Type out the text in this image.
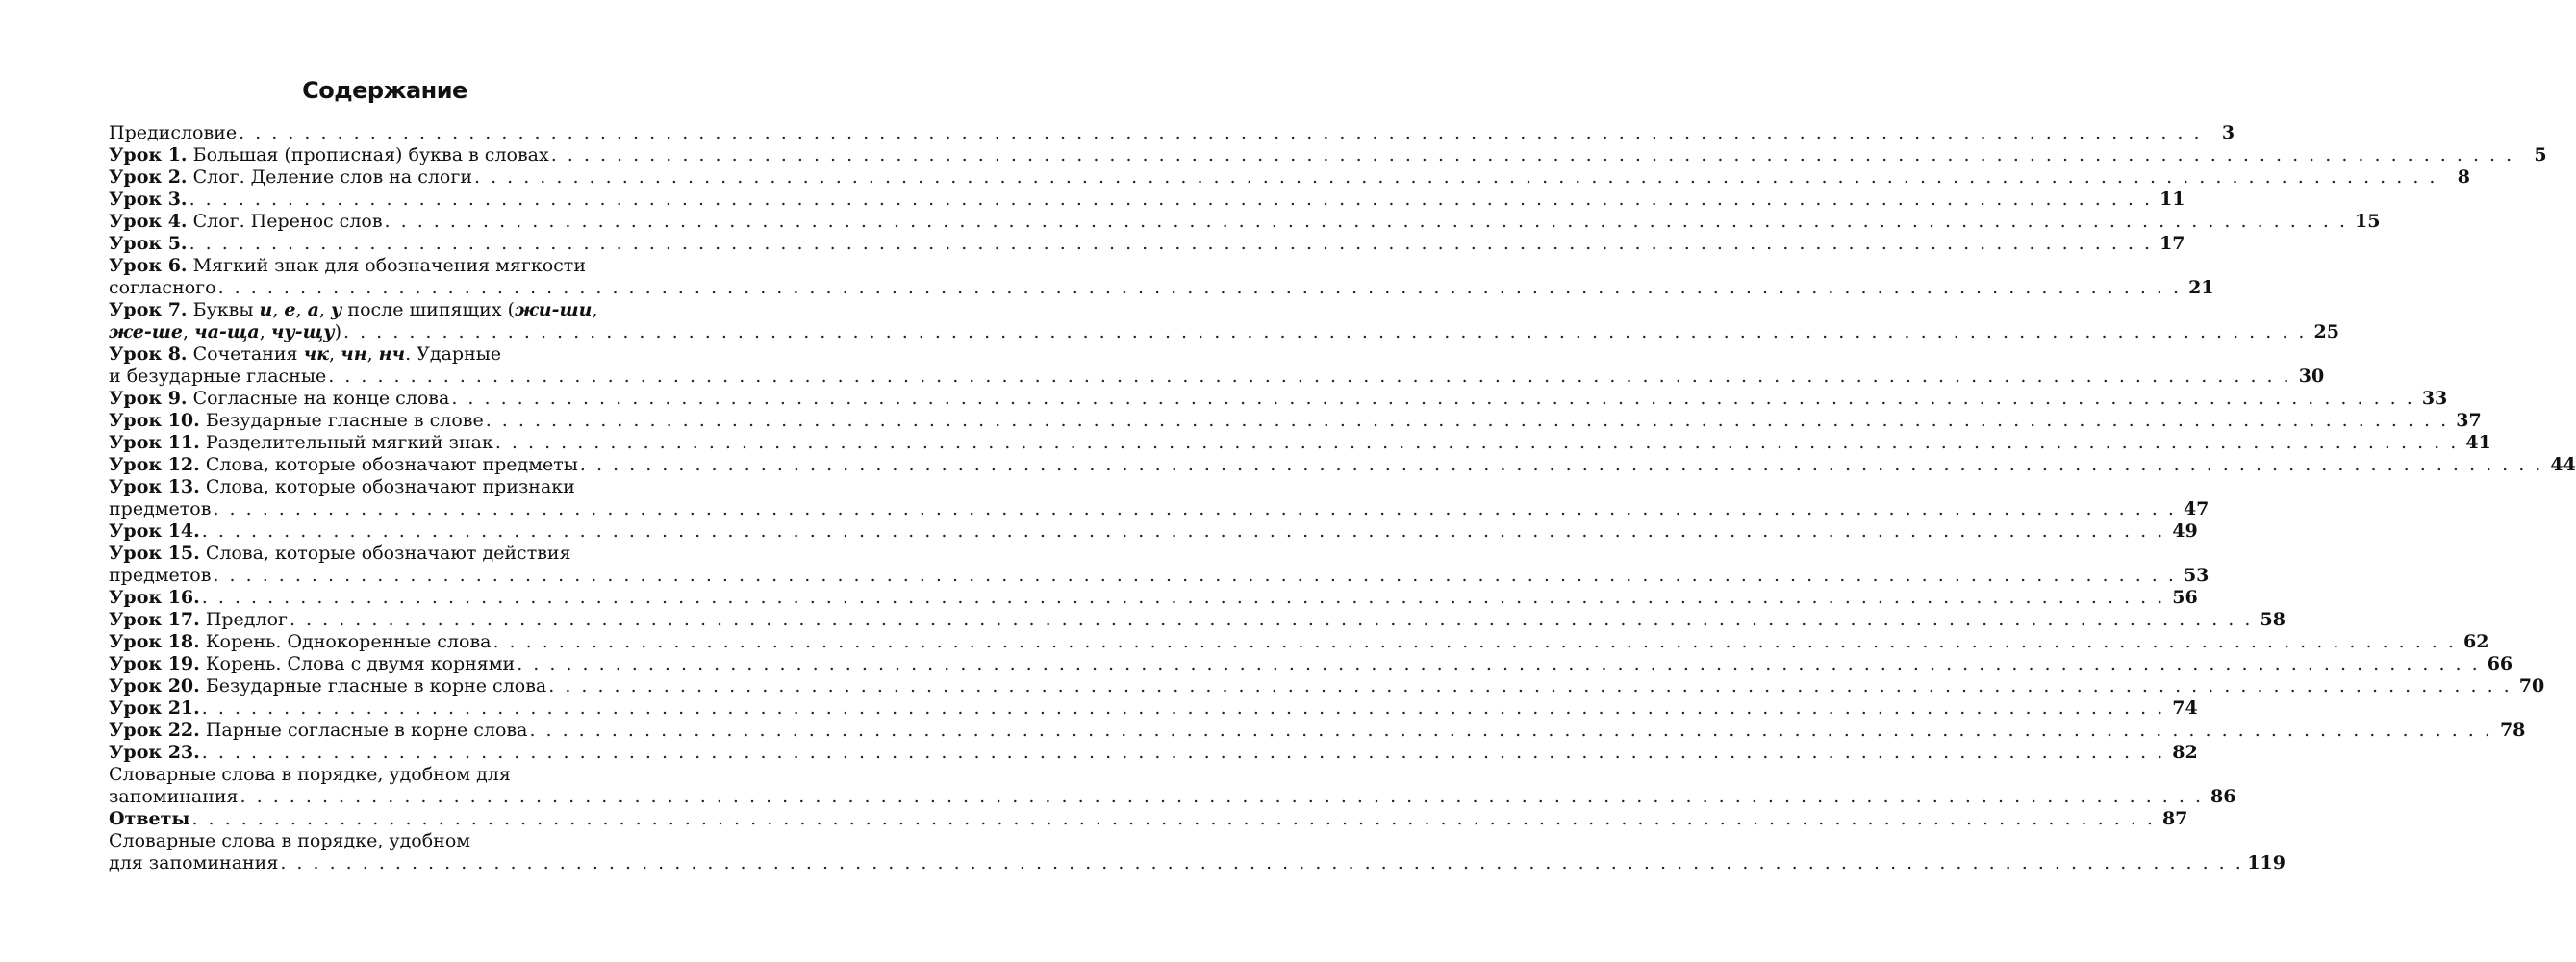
Содержание
Предисловие . . . . . . . . . . . . . . . . . . . . . . . . . . . . . . . . . . . . . . . . . . . . . . . . . . . . . . . . . . . . . . . . . . . . . . . . . . . . . . . . . . . . . . . . . . . . . . . . . . . . . . . . . . . . . . . . . . . . . . . .	3
Урок 1. Большая (прописная) буква в словах . . . . . . . . . . . . . . . . . . . . . . . . . . . . . . . . . . . . . . . . . . . . . . . . . . . . . . . . . . . . . . . . . . . . . . . . . . . . . . . . . . . . . . . . . . . . . . . . . . . . . . . . . . . . . . . . . . . . . . . .	5
Урок 2. Слог. Деление слов на слоги . . . . . . . . . . . . . . . . . . . . . . . . . . . . . . . . . . . . . . . . . . . . . . . . . . . . . . . . . . . . . . . . . . . . . . . . . . . . . . . . . . . . . . . . . . . . . . . . . . . . . . . . . . . . . . . . . . . . . . . .	8
Урок 3. . . . . . . . . . . . . . . . . . . . . . . . . . . . . . . . . . . . . . . . . . . . . . . . . . . . . . . . . . . . . . . . . . . . . . . . . . . . . . . . . . . . . . . . . . . . . . . . . . . . . . . . . . . . . . . . . . . . . . . . . 11
Урок 4. Слог. Перенос слов . . . . . . . . . . . . . . . . . . . . . . . . . . . . . . . . . . . . . . . . . . . . . . . . . . . . . . . . . . . . . . . . . . . . . . . . . . . . . . . . . . . . . . . . . . . . . . . . . . . . . . . . . . . . . . . . . . . . . . . . 15
Урок 5. . . . . . . . . . . . . . . . . . . . . . . . . . . . . . . . . . . . . . . . . . . . . . . . . . . . . . . . . . . . . . . . . . . . . . . . . . . . . . . . . . . . . . . . . . . . . . . . . . . . . . . . . . . . . . . . . . . . . . . . . 17
Урок 6. Мягкий знак для обозначения мягкости
согласного . . . . . . . . . . . . . . . . . . . . . . . . . . . . . . . . . . . . . . . . . . . . . . . . . . . . . . . . . . . . . . . . . . . . . . . . . . . . . . . . . . . . . . . . . . . . . . . . . . . . . . . . . . . . . . . . . . . . . . . . 21
Урок 7. Буквы и, е, а, у после шипящих (жи-ши,
же-ше, ча-ща, чу-щу) . . . . . . . . . . . . . . . . . . . . . . . . . . . . . . . . . . . . . . . . . . . . . . . . . . . . . . . . . . . . . . . . . . . . . . . . . . . . . . . . . . . . . . . . . . . . . . . . . . . . . . . . . . . . . . . . . . . . . . . . 25
Урок 8. Сочетания чк, чн, нч. Ударные
и безударные гласные . . . . . . . . . . . . . . . . . . . . . . . . . . . . . . . . . . . . . . . . . . . . . . . . . . . . . . . . . . . . . . . . . . . . . . . . . . . . . . . . . . . . . . . . . . . . . . . . . . . . . . . . . . . . . . . . . . . . . . . . 30
Урок 9. Согласные на конце слова . . . . . . . . . . . . . . . . . . . . . . . . . . . . . . . . . . . . . . . . . . . . . . . . . . . . . . . . . . . . . . . . . . . . . . . . . . . . . . . . . . . . . . . . . . . . . . . . . . . . . . . . . . . . . . . . . . . . . . . . 33
Урок 10. Безударные гласные в слове . . . . . . . . . . . . . . . . . . . . . . . . . . . . . . . . . . . . . . . . . . . . . . . . . . . . . . . . . . . . . . . . . . . . . . . . . . . . . . . . . . . . . . . . . . . . . . . . . . . . . . . . . . . . . . . . . . . . . . . . 37
Урок 11. Разделительный мягкий знак . . . . . . . . . . . . . . . . . . . . . . . . . . . . . . . . . . . . . . . . . . . . . . . . . . . . . . . . . . . . . . . . . . . . . . . . . . . . . . . . . . . . . . . . . . . . . . . . . . . . . . . . . . . . . . . . . . . . . . . . 41
Урок 12. Слова, которые обозначают предметы . . . . . . . . . . . . . . . . . . . . . . . . . . . . . . . . . . . . . . . . . . . . . . . . . . . . . . . . . . . . . . . . . . . . . . . . . . . . . . . . . . . . . . . . . . . . . . . . . . . . . . . . . . . . . . . . . . . . . . . . 44
Урок 13. Слова, которые обозначают признаки
предметов . . . . . . . . . . . . . . . . . . . . . . . . . . . . . . . . . . . . . . . . . . . . . . . . . . . . . . . . . . . . . . . . . . . . . . . . . . . . . . . . . . . . . . . . . . . . . . . . . . . . . . . . . . . . . . . . . . . . . . . . 47
Урок 14. . . . . . . . . . . . . . . . . . . . . . . . . . . . . . . . . . . . . . . . . . . . . . . . . . . . . . . . . . . . . . . . . . . . . . . . . . . . . . . . . . . . . . . . . . . . . . . . . . . . . . . . . . . . . . . . . . . . . . . . . 49
Урок 15. Слова, которые обозначают действия
предметов . . . . . . . . . . . . . . . . . . . . . . . . . . . . . . . . . . . . . . . . . . . . . . . . . . . . . . . . . . . . . . . . . . . . . . . . . . . . . . . . . . . . . . . . . . . . . . . . . . . . . . . . . . . . . . . . . . . . . . . . 53
Урок 16. . . . . . . . . . . . . . . . . . . . . . . . . . . . . . . . . . . . . . . . . . . . . . . . . . . . . . . . . . . . . . . . . . . . . . . . . . . . . . . . . . . . . . . . . . . . . . . . . . . . . . . . . . . . . . . . . . . . . . . . . 56
Урок 17. Предлог . . . . . . . . . . . . . . . . . . . . . . . . . . . . . . . . . . . . . . . . . . . . . . . . . . . . . . . . . . . . . . . . . . . . . . . . . . . . . . . . . . . . . . . . . . . . . . . . . . . . . . . . . . . . . . . . . . . . . . . . 58
Урок 18. Корень. Однокоренные слова . . . . . . . . . . . . . . . . . . . . . . . . . . . . . . . . . . . . . . . . . . . . . . . . . . . . . . . . . . . . . . . . . . . . . . . . . . . . . . . . . . . . . . . . . . . . . . . . . . . . . . . . . . . . . . . . . . . . . . . . 62
Урок 19. Корень. Слова с двумя корнями . . . . . . . . . . . . . . . . . . . . . . . . . . . . . . . . . . . . . . . . . . . . . . . . . . . . . . . . . . . . . . . . . . . . . . . . . . . . . . . . . . . . . . . . . . . . . . . . . . . . . . . . . . . . . . . . . . . . . . . . 66
Урок 20. Безударные гласные в корне слова . . . . . . . . . . . . . . . . . . . . . . . . . . . . . . . . . . . . . . . . . . . . . . . . . . . . . . . . . . . . . . . . . . . . . . . . . . . . . . . . . . . . . . . . . . . . . . . . . . . . . . . . . . . . . . . . . . . . . . . . 70
Урок 21. . . . . . . . . . . . . . . . . . . . . . . . . . . . . . . . . . . . . . . . . . . . . . . . . . . . . . . . . . . . . . . . . . . . . . . . . . . . . . . . . . . . . . . . . . . . . . . . . . . . . . . . . . . . . . . . . . . . . . . . . 74
Урок 22. Парные согласные в корне слова . . . . . . . . . . . . . . . . . . . . . . . . . . . . . . . . . . . . . . . . . . . . . . . . . . . . . . . . . . . . . . . . . . . . . . . . . . . . . . . . . . . . . . . . . . . . . . . . . . . . . . . . . . . . . . . . . . . . . . . . 78
Урок 23. . . . . . . . . . . . . . . . . . . . . . . . . . . . . . . . . . . . . . . . . . . . . . . . . . . . . . . . . . . . . . . . . . . . . . . . . . . . . . . . . . . . . . . . . . . . . . . . . . . . . . . . . . . . . . . . . . . . . . . . . 82
Словарные слова в порядке, удобном для
запоминания . . . . . . . . . . . . . . . . . . . . . . . . . . . . . . . . . . . . . . . . . . . . . . . . . . . . . . . . . . . . . . . . . . . . . . . . . . . . . . . . . . . . . . . . . . . . . . . . . . . . . . . . . . . . . . . . . . . . . . . . 86
Ответы . . . . . . . . . . . . . . . . . . . . . . . . . . . . . . . . . . . . . . . . . . . . . . . . . . . . . . . . . . . . . . . . . . . . . . . . . . . . . . . . . . . . . . . . . . . . . . . . . . . . . . . . . . . . . . . . . . . . . . . . 87
Словарные слова в порядке, удобном
для запоминания . . . . . . . . . . . . . . . . . . . . . . . . . . . . . . . . . . . . . . . . . . . . . . . . . . . . . . . . . . . . . . . . . . . . . . . . . . . . . . . . . . . . . . . . . . . . . . . . . . . . . . . . . . . . . . . . . . . . . . . . 119
